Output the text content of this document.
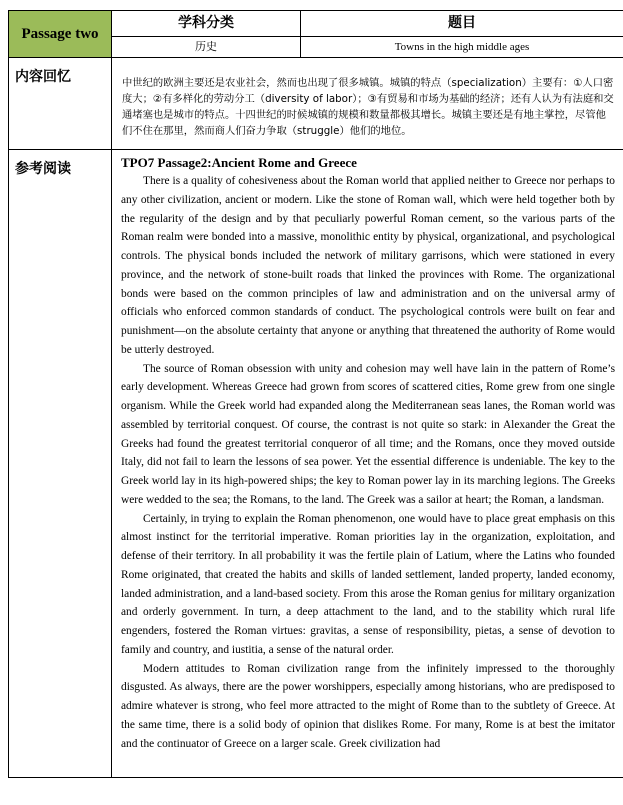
Passage two	学科分类	题目

	历史	Towns in the high middle ages

内容回忆	中世纪的欧洲主要还是农业社会，然而也出现了很多城镇。城镇的特点（specialization）主要有：①人口密度大；②有多样化的劳动分工（diversity of labor）；③有贸易和市场为基础的经济；还有人认为有法庭和交通堵塞也是城市的特点。十四世纪的时候城镇的规模和数量都极其增长。城镇主要还是有地主掌控，尽管他们不住在那里，然而商人们奋力争取（struggle）他们的地位。	

参考阅读	TPO7 Passage2:Ancient Rome and Greece

There is a quality of cohesiveness about the Roman world that applied neither to Greece nor perhaps to any other civilization, ancient or modern. Like the stone of Roman wall, which were held together both by the regularity of the design and by that peculiarly powerful Roman cement, so the various parts of the Roman realm were bonded into a massive, monolithic entity by physical, organizational, and psychological controls. The physical bonds included the network of military garrisons, which were stationed in every province, and the network of stone-built roads that linked the provinces with Rome. The organizational bonds were based on the common principles of law and administration and on the universal army of officials who enforced common standards of conduct. The psychological controls were built on fear and punishment—on the absolute certainty that anyone or anything that threatened the authority of Rome would be utterly destroyed.

The source of Roman obsession with unity and cohesion may well have lain in the pattern of Rome’s early development. Whereas Greece had grown from scores of scattered cities, Rome grew from one single organism. While the Greek world had expanded along the Mediterranean seas lanes, the Roman world was assembled by territorial conquest. Of course, the contrast is not quite so stark: in Alexander the Great the Greeks had found the greatest territorial conqueror of all time; and the Romans, once they moved outside Italy, did not fail to learn the lessons of sea power. Yet the essential difference is undeniable. The key to the Greek world lay in its high-powered ships; the key to Roman power lay in its marching legions. The Greeks were wedded to the sea; the Romans, to the land. The Greek was a sailor at heart; the Roman, a landsman.

Certainly, in trying to explain the Roman phenomenon, one would have to place great emphasis on this almost instinct for the territorial imperative. Roman priorities lay in the organization, exploitation, and defense of their territory. In all probability it was the fertile plain of Latium, where the Latins who founded Rome originated, that created the habits and skills of landed settlement, landed property, landed economy, landed administration, and a land-based society. From this arose the Roman genius for military organization and orderly government. In turn, a deep attachment to the land, and to the stability which rural life engenders, fostered the Roman virtues: gravitas, a sense of responsibility, pietas, a sense of devotion to family and country, and iustitia, a sense of the natural order.

Modern attitudes to Roman civilization range from the infinitely impressed to the thoroughly disgusted. As always, there are the power worshippers, especially among historians, who are predisposed to admire whatever is strong, who feel more attracted to the might of Rome than to the subtlety of Greece. At the same time, there is a solid body of opinion that dislikes Rome. For many, Rome is at best the imitator and the continuator of Greece on a larger scale. Greek civilization had	
